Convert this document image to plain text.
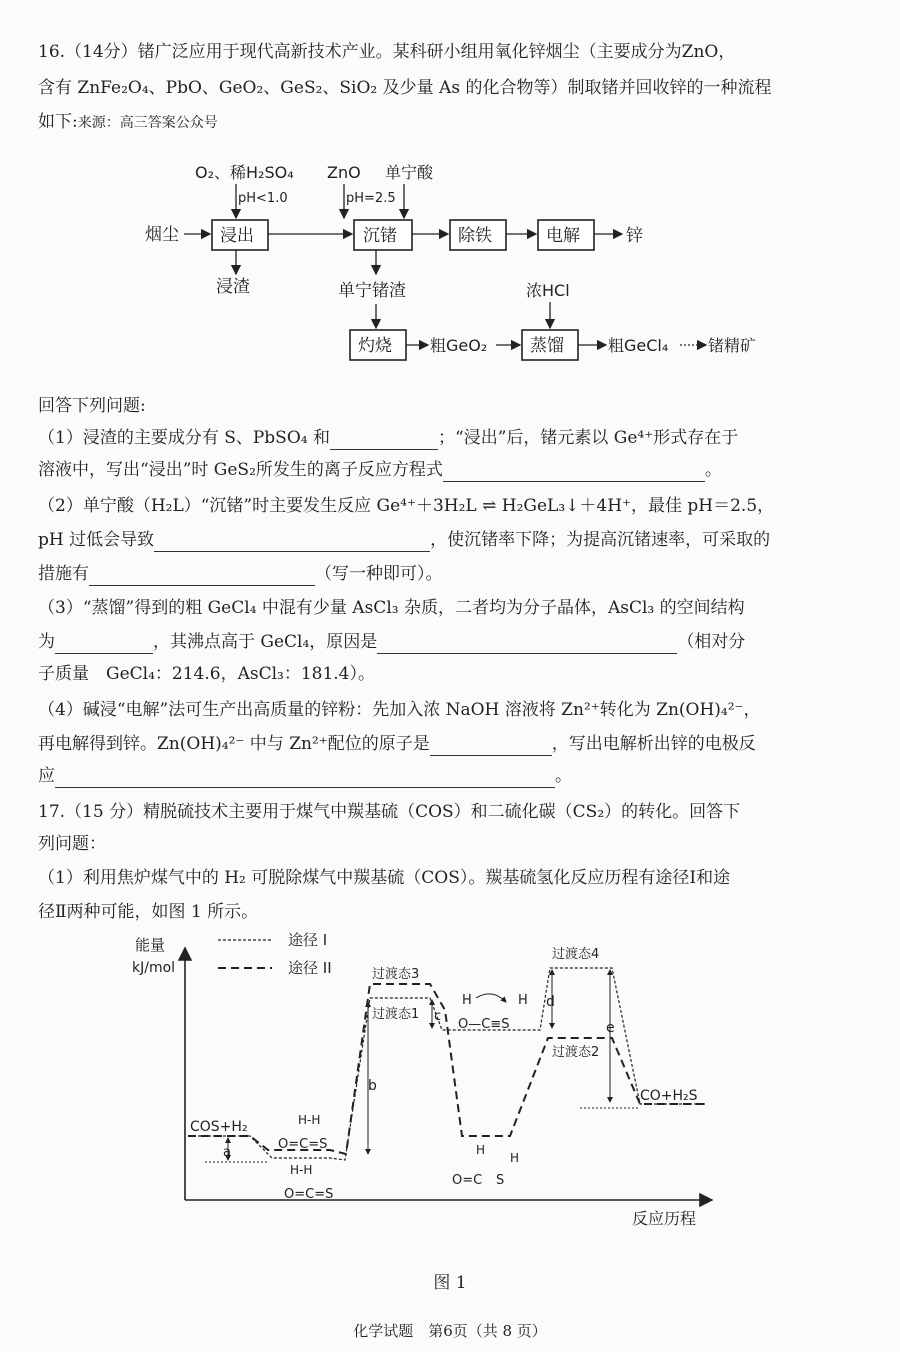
16.（14分）锗广泛应用于现代高新技术产业。某科研小组用氧化锌烟尘（主要成分为ZnO，
含有 ZnFe₂O₄、PbO、GeO₂、GeS₂、SiO₂ 及少量 As 的化合物等）制取锗并回收锌的一种流程
如下:来源：高三答案公众号
O₂、稀H₂SO₄
pH<1.0
ZnO 单宁酸
pH=2.5
烟尘 浸出	沉锗	除铁	电解	锌
浸渣	单宁锗渣
灼烧 粗GeO₂
浓HCl
蒸馏	粗GeCl₄ 锗精矿
回答下列问题:
（1）浸渣的主要成分有 S、PbSO₄ 和	；“浸出”后，锗元素以 Ge⁴⁺形式存在于
溶液中，写出“浸出”时 GeS₂所发生的离子反应方程式	。
（2）单宁酸（H₂L）“沉锗”时主要发生反应 Ge⁴⁺＋3H₂L ⇌ H₂GeL₃↓＋4H⁺，最佳 pH＝2.5，
pH 过低会导致	，使沉锗率下降；为提高沉锗速率，可采取的
措施有	（写一种即可）。
（3）“蒸馏”得到的粗 GeCl₄ 中混有少量 AsCl₃ 杂质，二者均为分子晶体，AsCl₃ 的空间结构
为	，其沸点高于 GeCl₄，原因是	（相对分
子质量　GeCl₄：214.6，AsCl₃：181.4）。
（4）碱浸“电解”法可生产出高质量的锌粉：先加入浓 NaOH 溶液将 Zn²⁺转化为 Zn(OH)₄²⁻，
再电解得到锌。Zn(OH)₄²⁻ 中与 Zn²⁺配位的原子是	，写出电解析出锌的电极反
应	。
17.（15 分）精脱硫技术主要用于煤气中羰基硫（COS）和二硫化碳（CS₂）的转化。回答下
列问题：
（1）利用焦炉煤气中的 H₂ 可脱除煤气中羰基硫（COS）。羰基硫氢化反应历程有途径Ⅰ和途
径Ⅱ两种可能，如图 1 所示。
能量
kJ/mol
反应历程
途径 I
途径 II
COS+H₂
a
H-H
O=C=S
H-H
O=C=S
b
过渡态3
过渡态1 c
H	H
O—C≡S
过渡态4
d
过渡态2
e
CO+H₂S
H
H
O=C S
图 1
化学试题　第6页（共 8 页）
